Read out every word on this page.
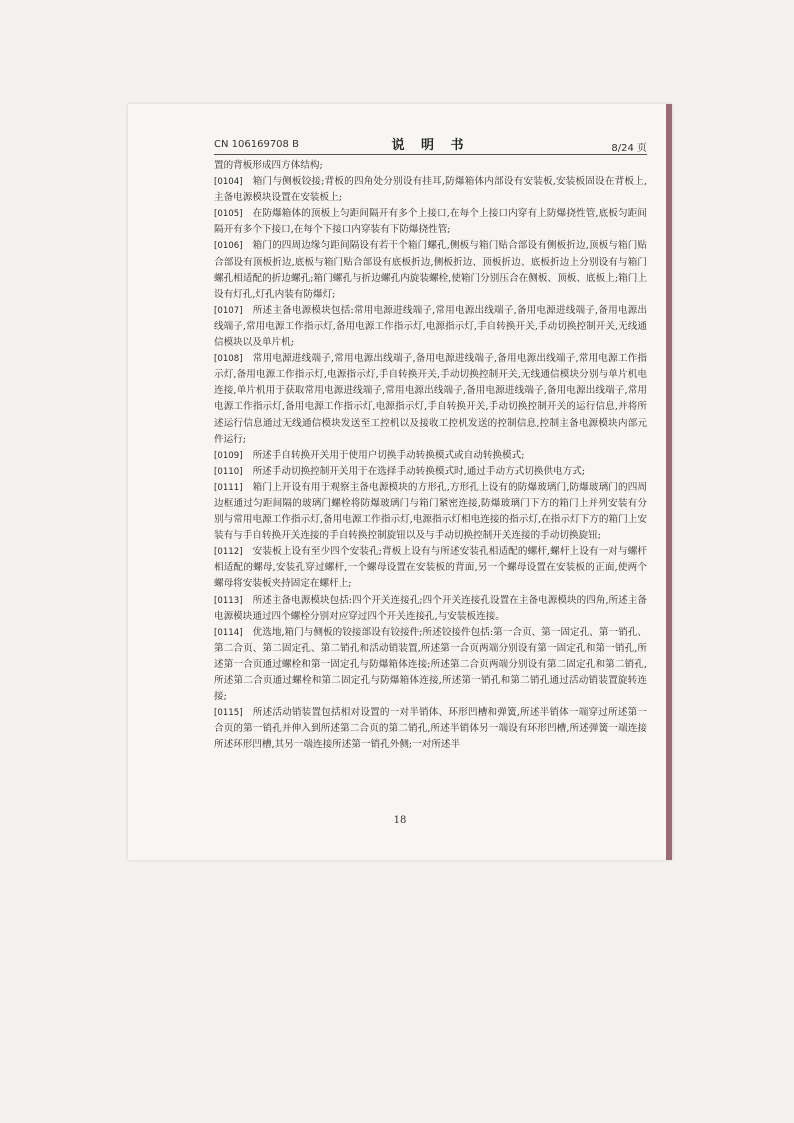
CN 106169708 B	说 明 书	8/24 页

置的背板形成四方体结构;

[0104] 箱门与侧板铰接;背板的四角处分别设有挂耳,防爆箱体内部设有安装板,安装板固设在背板上,主备电源模块设置在安装板上;

[0105] 在防爆箱体的顶板上匀距间隔开有多个上接口,在每个上接口内穿有上防爆挠性管,底板匀距间隔开有多个下接口,在每个下接口内穿装有下防爆挠性管;

[0106] 箱门的四周边缘匀距间隔设有若干个箱门螺孔,侧板与箱门贴合部设有侧板折边,顶板与箱门贴合部设有顶板折边,底板与箱门贴合部设有底板折边,侧板折边、顶板折边、底板折边上分别设有与箱门螺孔相适配的折边螺孔;箱门螺孔与折边螺孔内旋装螺栓,使箱门分别压合在侧板、顶板、底板上;箱门上设有灯孔,灯孔内装有防爆灯;

[0107] 所述主备电源模块包括:常用电源进线端子,常用电源出线端子,备用电源进线端子,备用电源出线端子,常用电源工作指示灯,备用电源工作指示灯,电源指示灯,手自转换开关,手动切换控制开关,无线通信模块以及单片机;

[0108] 常用电源进线端子,常用电源出线端子,备用电源进线端子,备用电源出线端子,常用电源工作指示灯,备用电源工作指示灯,电源指示灯,手自转换开关,手动切换控制开关,无线通信模块分别与单片机电连接,单片机用于获取常用电源进线端子,常用电源出线端子,备用电源进线端子,备用电源出线端子,常用电源工作指示灯,备用电源工作指示灯,电源指示灯,手自转换开关,手动切换控制开关的运行信息,并将所述运行信息通过无线通信模块发送至工控机以及接收工控机发送的控制信息,控制主备电源模块内部元件运行;

[0109] 所述手自转换开关用于使用户切换手动转换模式或自动转换模式;

[0110] 所述手动切换控制开关用于在选择手动转换模式时,通过手动方式切换供电方式;

[0111] 箱门上开设有用于观察主备电源模块的方形孔,方形孔上设有的防爆玻璃门,防爆玻璃门的四周边框通过匀距间隔的玻璃门螺栓将防爆玻璃门与箱门紧密连接,防爆玻璃门下方的箱门上并列安装有分别与常用电源工作指示灯,备用电源工作指示灯,电源指示灯相电连接的指示灯,在指示灯下方的箱门上安装有与手自转换开关连接的手自转换控制旋钮以及与手动切换控制开关连接的手动切换旋钮;

[0112] 安装板上设有至少四个安装孔;背板上设有与所述安装孔相适配的螺杆,螺杆上设有一对与螺杆相适配的螺母,安装孔穿过螺杆,一个螺母设置在安装板的背面,另一个螺母设置在安装板的正面,使两个螺母将安装板夹持固定在螺杆上;

[0113] 所述主备电源模块包括:四个开关连接孔;四个开关连接孔设置在主备电源模块的四角,所述主备电源模块通过四个螺栓分别对应穿过四个开关连接孔,与安装板连接。

[0114] 优选地,箱门与侧板的铰接部设有铰接件;所述铰接件包括:第一合页、第一固定孔、第一销孔、第二合页、第二固定孔、第二销孔和活动销装置,所述第一合页两端分别设有第一固定孔和第一销孔,所述第一合页通过螺栓和第一固定孔与防爆箱体连接;所述第二合页两端分别设有第二固定孔和第二销孔,所述第二合页通过螺栓和第二固定孔与防爆箱体连接,所述第一销孔和第二销孔通过活动销装置旋转连接;

[0115] 所述活动销装置包括相对设置的一对半销体、环形凹槽和弹簧,所述半销体一端穿过所述第一合页的第一销孔并伸入到所述第二合页的第二销孔,所述半销体另一端设有环形凹槽,所述弹簧一端连接所述环形凹槽,其另一端连接所述第一销孔外侧;一对所述半

18
